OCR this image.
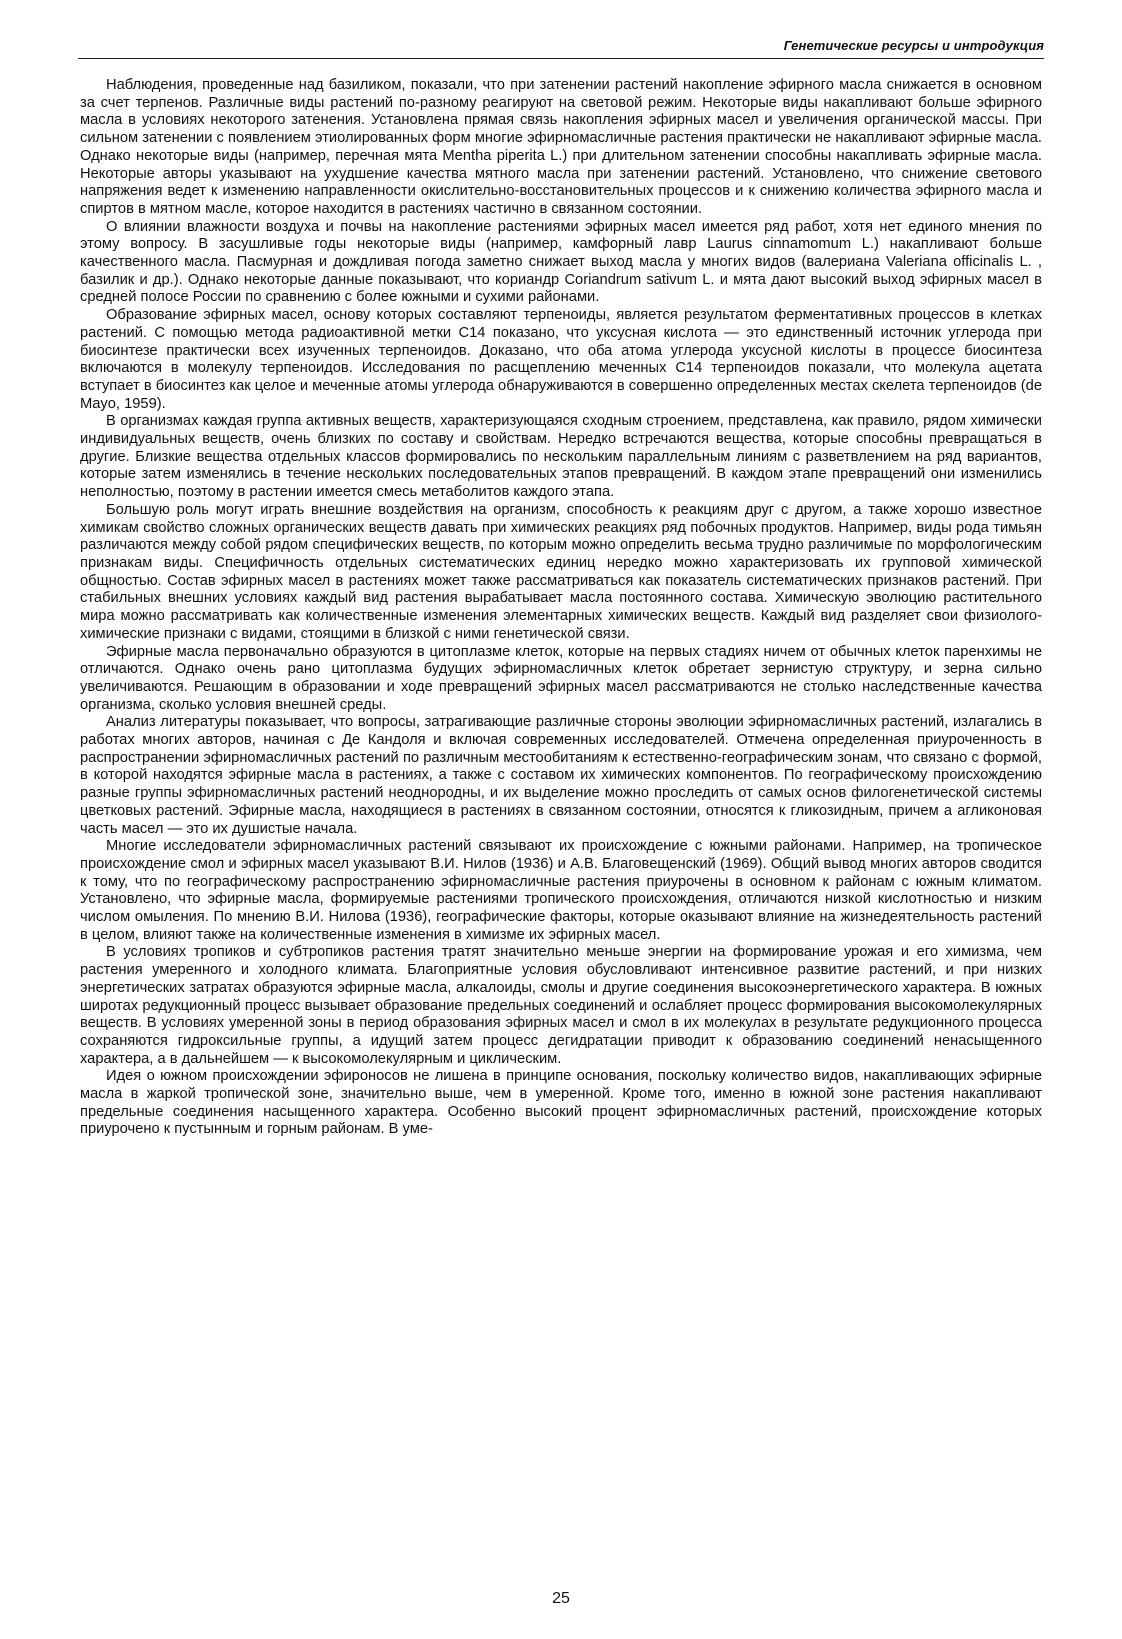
Генетические ресурсы и интродукция

Наблюдения, проведенные над базиликом, показали, что при затенении растений накопление эфирного масла снижается в основном за счет терпенов. Различные виды растений по-разному реагируют на световой режим. Некоторые виды накапливают больше эфирного масла в условиях некоторого затенения. Установлена прямая связь накопления эфирных масел и увеличения органической массы. При сильном затенении с появлением этиолированных форм многие эфирномасличные растения практически не накапливают эфирные масла. Однако некоторые виды (например, перечная мята Mentha piperita L.) при длительном затенении способны накапливать эфирные масла. Некоторые авторы указывают на ухудшение качества мятного масла при затенении растений. Установлено, что снижение светового напряжения ведет к изменению направленности окислительно-восстановительных процессов и к снижению количества эфирного масла и спиртов в мятном масле, которое находится в растениях частично в связанном состоянии.

О влиянии влажности воздуха и почвы на накопление растениями эфирных масел имеется ряд работ, хотя нет единого мнения по этому вопросу. В засушливые годы некоторые виды (например, камфорный лавр Laurus cinnamomum L.) накапливают больше качественного масла. Пасмурная и дождливая погода заметно снижает выход масла у многих видов (валериана Valeriana officinalis L. , базилик и др.). Однако некоторые данные показывают, что кориандр Coriandrum sativum L. и мята дают высокий выход эфирных масел в средней полосе России по сравнению с более южными и сухими районами.

Образование эфирных масел, основу которых составляют терпеноиды, является результатом ферментативных процессов в клетках растений. С помощью метода радиоактивной метки С14 показано, что уксусная кислота — это единственный источник углерода при биосинтезе практически всех изученных терпеноидов. Доказано, что оба атома углерода уксусной кислоты в процессе биосинтеза включаются в молекулу терпеноидов. Исследования по расщеплению меченных С14 терпеноидов показали, что молекула ацетата вступает в биосинтез как целое и меченные атомы углерода обнаруживаются в совершенно определенных местах скелета терпеноидов (de Mayo, 1959).

В организмах каждая группа активных веществ, характеризующаяся сходным строением, представлена, как правило, рядом химически индивидуальных веществ, очень близких по составу и свойствам. Нередко встречаются вещества, которые способны превращаться в другие. Близкие вещества отдельных классов формировались по нескольким параллельным линиям с разветвлением на ряд вариантов, которые затем изменялись в течение нескольких последовательных этапов превращений. В каждом этапе превращений они изменились неполностью, поэтому в растении имеется смесь метаболитов каждого этапа.

Большую роль могут играть внешние воздействия на организм, способность к реакциям друг с другом, а также хорошо известное химикам свойство сложных органических веществ давать при химических реакциях ряд побочных продуктов. Например, виды рода тимьян различаются между собой рядом специфических веществ, по которым можно определить весьма трудно различимые по морфологическим признакам виды. Специфичность отдельных систематических единиц нередко можно характеризовать их групповой химической общностью. Состав эфирных масел в растениях может также рассматриваться как показатель систематических признаков растений. При стабильных внешних условиях каждый вид растения вырабатывает масла постоянного состава. Химическую эволюцию растительного мира можно рассматривать как количественные изменения элементарных химических веществ. Каждый вид разделяет свои физиолого-химические признаки с видами, стоящими в близкой с ними генетической связи.

Эфирные масла первоначально образуются в цитоплазме клеток, которые на первых стадиях ничем от обычных клеток паренхимы не отличаются. Однако очень рано цитоплазма будущих эфирномасличных клеток обретает зернистую структуру, и зерна сильно увеличиваются. Решающим в образовании и ходе превращений эфирных масел рассматриваются не столько наследственные качества организма, сколько условия внешней среды.

Анализ литературы показывает, что вопросы, затрагивающие различные стороны эволюции эфирномасличных растений, излагались в работах многих авторов, начиная с Де Кандоля и включая современных исследователей. Отмечена определенная приуроченность в распространении эфирномасличных растений по различным местообитаниям к естественно-географическим зонам, что связано с формой, в которой находятся эфирные масла в растениях, а также с составом их химических компонентов. По географическому происхождению разные группы эфирномасличных растений неоднородны, и их выделение можно проследить от самых основ филогенетической системы цветковых растений. Эфирные масла, находящиеся в растениях в связанном состоянии, относятся к гликозидным, причем а агликоновая часть масел — это их душистые начала.

Многие исследователи эфирномасличных растений связывают их происхождение с южными районами. Например, на тропическое происхождение смол и эфирных масел указывают В.И. Нилов (1936) и А.В. Благовещенский (1969). Общий вывод многих авторов сводится к тому, что по географическому распространению эфирномасличные растения приурочены в основном к районам с южным климатом. Установлено, что эфирные масла, формируемые растениями тропического происхождения, отличаются низкой кислотностью и низким числом омыления. По мнению В.И. Нилова (1936), географические факторы, которые оказывают влияние на жизнедеятельность растений в целом, влияют также на количественные изменения в химизме их эфирных масел.

В условиях тропиков и субтропиков растения тратят значительно меньше энергии на формирование урожая и его химизма, чем растения умеренного и холодного климата. Благоприятные условия обусловливают интенсивное развитие растений, и при низких энергетических затратах образуются эфирные масла, алкалоиды, смолы и другие соединения высокоэнергетического характера. В южных широтах редукционный процесс вызывает образование предельных соединений и ослабляет процесс формирования высокомолекулярных веществ. В условиях умеренной зоны в период образования эфирных масел и смол в их молекулах в результате редукционного процесса сохраняются гидроксильные группы, а идущий затем процесс дегидратации приводит к образованию соединений ненасыщенного характера, а в дальнейшем — к высокомолекулярным и циклическим.

Идея о южном происхождении эфироносов не лишена в принципе основания, поскольку количество видов, накапливающих эфирные масла в жаркой тропической зоне, значительно выше, чем в умеренной. Кроме того, именно в южной зоне растения накапливают предельные соединения насыщенного характера. Особенно высокий процент эфирномасличных растений, происхождение которых приурочено к пустынным и горным районам. В уме-

25
